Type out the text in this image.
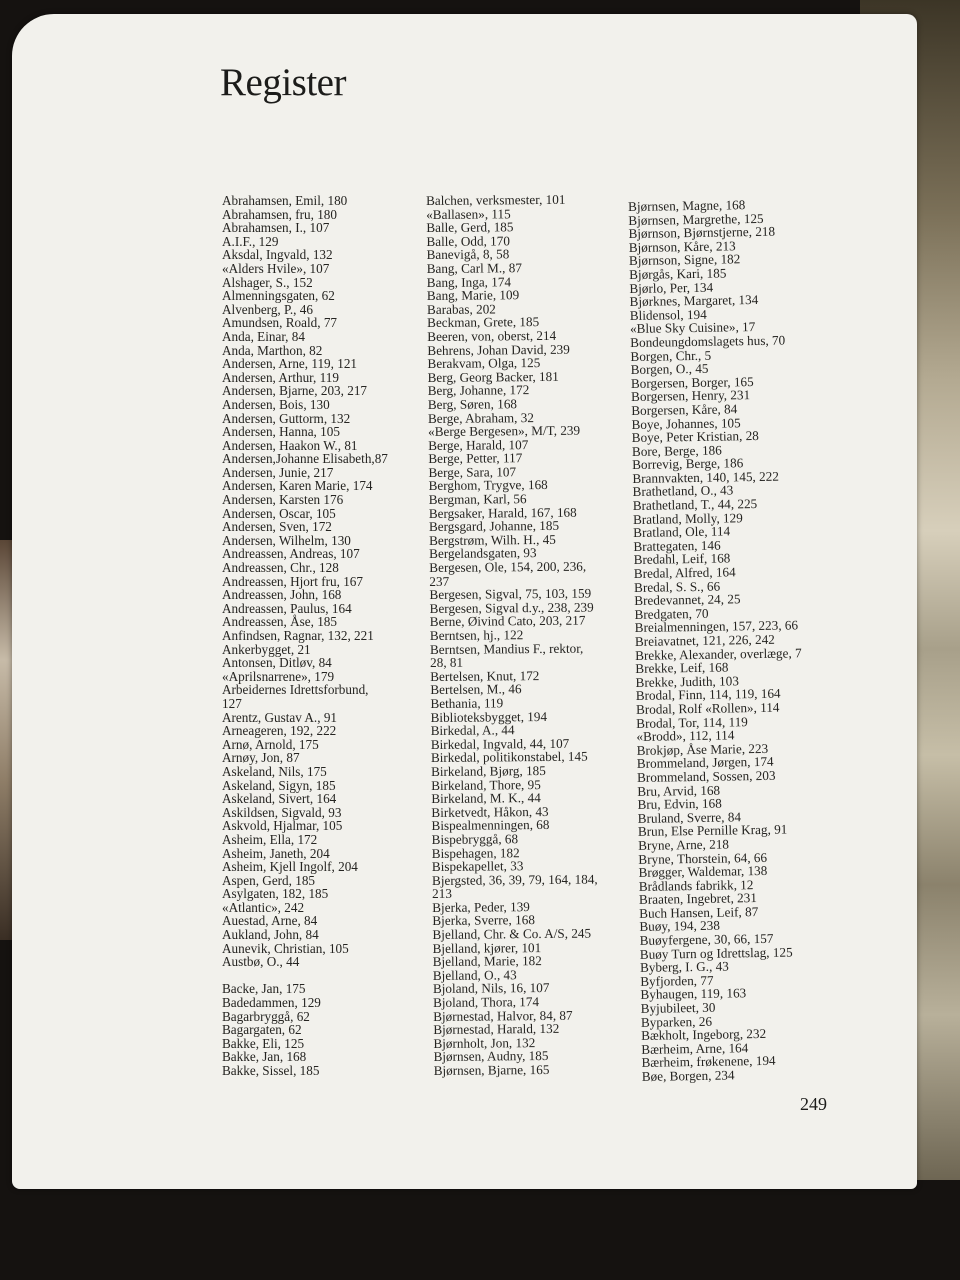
Register
Abrahamsen, Emil, 180
Abrahamsen, fru, 180
Abrahamsen, I., 107
A.I.F., 129
Aksdal, Ingvald, 132
«Alders Hvile», 107
Alshager, S., 152
Almenningsgaten, 62
Alvenberg, P., 46
Amundsen, Roald, 77
Anda, Einar, 84
Anda, Marthon, 82
Andersen, Arne, 119, 121
Andersen, Arthur, 119
Andersen, Bjarne, 203, 217
Andersen, Bois, 130
Andersen, Guttorm, 132
Andersen, Hanna, 105
Andersen, Haakon W., 81
Andersen,Johanne Elisabeth,87
Andersen, Junie, 217
Andersen, Karen Marie, 174
Andersen, Karsten 176
Andersen, Oscar, 105
Andersen, Sven, 172
Andersen, Wilhelm, 130
Andreassen, Andreas, 107
Andreassen, Chr., 128
Andreassen, Hjort fru, 167
Andreassen, John, 168
Andreassen, Paulus, 164
Andreassen, Åse, 185
Anfindsen, Ragnar, 132, 221
Ankerbygget, 21
Antonsen, Ditløv, 84
«Aprilsnarrene», 179
Arbeidernes Idrettsforbund,
127
Arentz, Gustav A., 91
Arneageren, 192, 222
Arnø, Arnold, 175
Arnøy, Jon, 87
Askeland, Nils, 175
Askeland, Sigyn, 185
Askeland, Sivert, 164
Askildsen, Sigvald, 93
Askvold, Hjalmar, 105
Asheim, Ella, 172
Asheim, Janeth, 204
Asheim, Kjell Ingolf, 204
Aspen, Gerd, 185
Asylgaten, 182, 185
«Atlantic», 242
Auestad, Arne, 84
Aukland, John, 84
Aunevik, Christian, 105
Austbø, O., 44
Backe, Jan, 175
Badedammen, 129
Bagarbryggå, 62
Bagargaten, 62
Bakke, Eli, 125
Bakke, Jan, 168
Bakke, Sissel, 185
Balchen, verksmester, 101
«Ballasen», 115
Balle, Gerd, 185
Balle, Odd, 170
Banevigå, 8, 58
Bang, Carl M., 87
Bang, Inga, 174
Bang, Marie, 109
Barabas, 202
Beckman, Grete, 185
Beeren, von, oberst, 214
Behrens, Johan David, 239
Berakvam, Olga, 125
Berg, Georg Backer, 181
Berg, Johanne, 172
Berg, Søren, 168
Berge, Abraham, 32
«Berge Bergesen», M/T, 239
Berge, Harald, 107
Berge, Petter, 117
Berge, Sara, 107
Berghom, Trygve, 168
Bergman, Karl, 56
Bergsaker, Harald, 167, 168
Bergsgard, Johanne, 185
Bergstrøm, Wilh. H., 45
Bergelandsgaten, 93
Bergesen, Ole, 154, 200, 236,
237
Bergesen, Sigval, 75, 103, 159
Bergesen, Sigval d.y., 238, 239
Berne, Øivind Cato, 203, 217
Berntsen, hj., 122
Berntsen, Mandius F., rektor,
28, 81
Bertelsen, Knut, 172
Bertelsen, M., 46
Bethania, 119
Biblioteksbygget, 194
Birkedal, A., 44
Birkedal, Ingvald, 44, 107
Birkedal, politikonstabel, 145
Birkeland, Bjørg, 185
Birkeland, Thore, 95
Birkeland, M. K., 44
Birketvedt, Håkon, 43
Bispealmenningen, 68
Bispebryggå, 68
Bispehagen, 182
Bispekapellet, 33
Bjergsted, 36, 39, 79, 164, 184,
213
Bjerka, Peder, 139
Bjerka, Sverre, 168
Bjelland, Chr. & Co. A/S, 245
Bjelland, kjører, 101
Bjelland, Marie, 182
Bjelland, O., 43
Bjoland, Nils, 16, 107
Bjoland, Thora, 174
Bjørnestad, Halvor, 84, 87
Bjørnestad, Harald, 132
Bjørnholt, Jon, 132
Bjørnsen, Audny, 185
Bjørnsen, Bjarne, 165
Bjørnsen, Magne, 168
Bjørnsen, Margrethe, 125
Bjørnson, Bjørnstjerne, 218
Bjørnson, Kåre, 213
Bjørnson, Signe, 182
Bjørgås, Kari, 185
Bjørlo, Per, 134
Bjørknes, Margaret, 134
Blidensol, 194
«Blue Sky Cuisine», 17
Bondeungdomslagets hus, 70
Borgen, Chr., 5
Borgen, O., 45
Borgersen, Borger, 165
Borgersen, Henry, 231
Borgersen, Kåre, 84
Boye, Johannes, 105
Boye, Peter Kristian, 28
Bore, Berge, 186
Borrevig, Berge, 186
Brannvakten, 140, 145, 222
Brathetland, O., 43
Brathetland, T., 44, 225
Bratland, Molly, 129
Bratland, Ole, 114
Brattegaten, 146
Bredahl, Leif, 168
Bredal, Alfred, 164
Bredal, S. S., 66
Bredevannet, 24, 25
Bredgaten, 70
Breialmenningen, 157, 223, 66
Breiavatnet, 121, 226, 242
Brekke, Alexander, overlæge, 7
Brekke, Leif, 168
Brekke, Judith, 103
Brodal, Finn, 114, 119, 164
Brodal, Rolf «Rollen», 114
Brodal, Tor, 114, 119
«Brodd», 112, 114
Brokjøp, Åse Marie, 223
Brommeland, Jørgen, 174
Brommeland, Sossen, 203
Bru, Arvid, 168
Bru, Edvin, 168
Bruland, Sverre, 84
Brun, Else Pernille Krag, 91
Bryne, Arne, 218
Bryne, Thorstein, 64, 66
Brøgger, Waldemar, 138
Brådlands fabrikk, 12
Braaten, Ingebret, 231
Buch Hansen, Leif, 87
Buøy, 194, 238
Buøyfergene, 30, 66, 157
Buøy Turn og Idrettslag, 125
Byberg, I. G., 43
Byfjorden, 77
Byhaugen, 119, 163
Byjubileet, 30
Byparken, 26
Bækholt, Ingeborg, 232
Bærheim, Arne, 164
Bærheim, frøkenene, 194
Bøe, Borgen, 234
249
